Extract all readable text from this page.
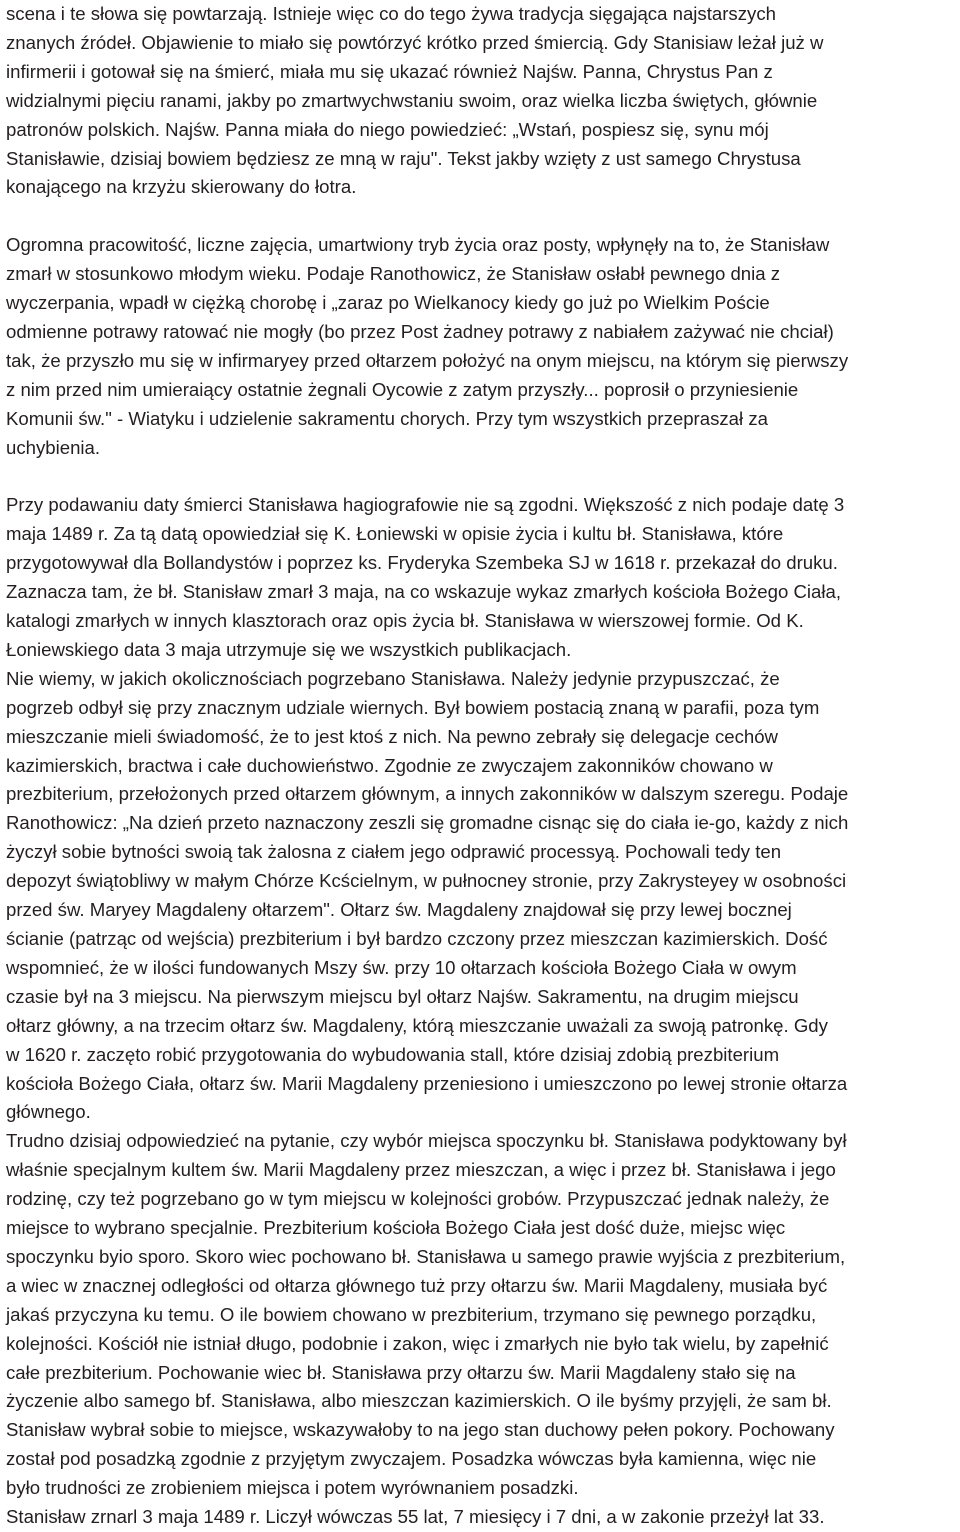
scena i te słowa się powtarzają. Istnieje więc co do tego żywa tradycja sięgająca najstarszych
znanych źródeł. Objawienie to miało się powtórzyć krótko przed śmiercią. Gdy Stanisiaw leżał już w
infirmerii i gotował się na śmierć, miała mu się ukazać również Najśw. Panna, Chrystus Pan z
widzialnymi pięciu ranami, jakby po zmartwychwstaniu swoim, oraz wielka liczba świętych, głównie
patronów polskich. Najśw. Panna miała do niego powiedzieć: „Wstań, pospiesz się, synu mój
Stanisławie, dzisiaj bowiem będziesz ze mną w raju". Tekst jakby wzięty z ust samego Chrystusa
konającego na krzyżu skierowany do łotra.

Ogromna pracowitość, liczne zajęcia, umartwiony tryb życia oraz posty, wpłynęły na to, że Stanisław
zmarł w stosunkowo młodym wieku. Podaje Ranothowicz, że Stanisław osłabł pewnego dnia z
wyczerpania, wpadł w ciężką chorobę i „zaraz po Wielkanocy kiedy go już po Wielkim Poście
odmienne potrawy ratować nie mogły (bo przez Post żadney potrawy z nabiałem zażywać nie chciał)
tak, że przyszło mu się w infirmaryey przed ołtarzem położyć na onym miejscu, na którym się pierwszy
z nim przed nim umieraiący ostatnie żegnali Oycowie z zatym przyszły... poprosił o przyniesienie
Komunii św." - Wiatyku i udzielenie sakramentu chorych. Przy tym wszystkich przepraszał za
uchybienia.

Przy podawaniu daty śmierci Stanisława hagiografowie nie są zgodni. Większość z nich podaje datę 3
maja 1489 r. Za tą datą opowiedział się K. Łoniewski w opisie życia i kultu bł. Stanisława, które
przygotowywał dla Bollandystów i poprzez ks. Fryderyka Szembeka SJ w 1618 r. przekazał do druku.
Zaznacza tam, że bł. Stanisław zmarł 3 maja, na co wskazuje wykaz zmarłych kościoła Bożego Ciała,
katalogi zmarłych w innych klasztorach oraz opis życia bł. Stanisława w wierszowej formie. Od K.
Łoniewskiego data 3 maja utrzymuje się we wszystkich publikacjach.

Nie wiemy, w jakich okolicznościach pogrzebano Stanisława. Należy jedynie przypuszczać, że
pogrzeb odbył się przy znacznym udziale wiernych. Był bowiem postacią znaną w parafii, poza tym
mieszczanie mieli świadomość, że to jest ktoś z nich. Na pewno zebrały się delegacje cechów
kazimierskich, bractwa i całe duchowieństwo. Zgodnie ze zwyczajem zakonników chowano w
prezbiterium, przełożonych przed ołtarzem głównym, a innych zakonników w dalszym szeregu. Podaje
Ranothowicz: „Na dzień przeto naznaczony zeszli się gromadne cisnąc się do ciała ie-go, każdy z nich
życzył sobie bytności swoią tak żalosna z ciałem jego odprawić processyą. Pochowali tedy ten
depozyt świątobliwy w małym Chórze Kcścielnym, w pułnocney stronie, przy Zakrysteyey w osobności
przed św. Maryey Magdaleny ołtarzem". Ołtarz św. Magdaleny znajdował się przy lewej bocznej
ścianie (patrząc od wejścia) prezbiterium i był bardzo czczony przez mieszczan kazimierskich. Dość
wspomnieć, że w ilości fundowanych Mszy św. przy 10 ołtarzach kościoła Bożego Ciała w owym
czasie był na 3 miejscu. Na pierwszym miejscu byl ołtarz Najśw. Sakramentu, na drugim miejscu
ołtarz główny, a na trzecim ołtarz św. Magdaleny, którą mieszczanie uważali za swoją patronkę. Gdy
w 1620 r. zaczęto robić przygotowania do wybudowania stall, które dzisiaj zdobią prezbiterium
kościoła Bożego Ciała, ołtarz św. Marii Magdaleny przeniesiono i umieszczono po lewej stronie ołtarza
głównego.

Trudno dzisiaj odpowiedzieć na pytanie, czy wybór miejsca spoczynku bł. Stanisława podyktowany był
właśnie specjalnym kultem św. Marii Magdaleny przez mieszczan, a więc i przez bł. Stanisława i jego
rodzinę, czy też pogrzebano go w tym miejscu w kolejności grobów. Przypuszczać jednak należy, że
miejsce to wybrano specjalnie. Prezbiterium kościoła Bożego Ciała jest dość duże, miejsc więc
spoczynku byio sporo. Skoro wiec pochowano bł. Stanisława u samego prawie wyjścia z prezbiterium,
a wiec w znacznej odległości od ołtarza głównego tuż przy ołtarzu św. Marii Magdaleny, musiała być
jakaś przyczyna ku temu. O ile bowiem chowano w prezbiterium, trzymano się pewnego porządku,
kolejności. Kościół nie istniał długo, podobnie i zakon, więc i zmarłych nie było tak wielu, by zapełnić
całe prezbiterium. Pochowanie wiec bł. Stanisława przy ołtarzu św. Marii Magdaleny stało się na
życzenie albo samego bf. Stanisława, albo mieszczan kazimierskich. O ile byśmy przyjęli, że sam bł.
Stanisław wybrał sobie to miejsce, wskazywałoby to na jego stan duchowy pełen pokory. Pochowany
został pod posadzką zgodnie z przyjętym zwyczajem. Posadzka wówczas była kamienna, więc nie
było trudności ze zrobieniem miejsca i potem wyrównaniem posadzki.

Stanisław zrnarl 3 maja 1489 r. Liczył wówczas 55 lat, 7 miesięcy i 7 dni, a w zakonie przeżył lat 33.
